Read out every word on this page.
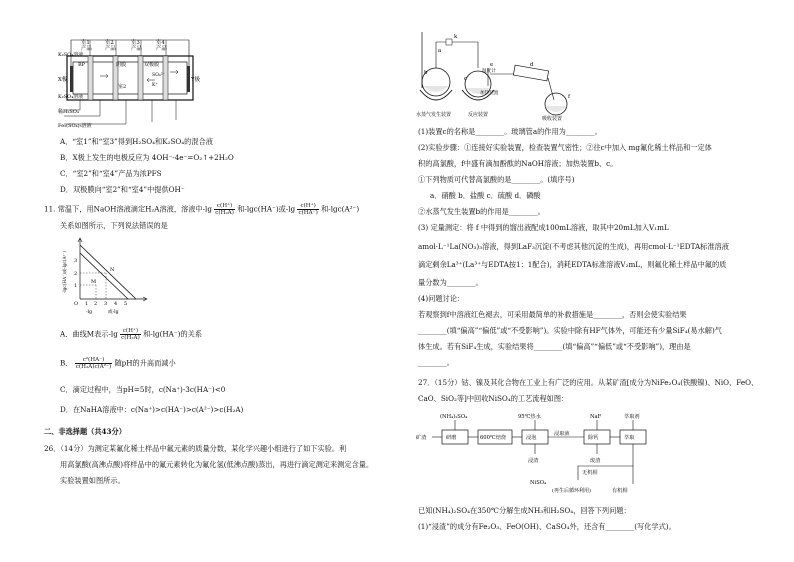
室1	室2	室3	室4
产品 产品	产品	产品
K₂SO₄溶液
BP
X极	Y极
阴膜	双极膜
室2
SO₄²⁻
K⁺
K₂SO₄溶液
稀H₂SO₄
Fe₂(SO₄)₃溶液
A．“室1”和“室3”得到H₂SO₄和K₂SO₄的混合液
B．X极上发生的电极反应为 4OH⁻-4e⁻=O₂↑+2H₂O
C．“室2”和“室4”产品为浓PFS
D．双极膜向“室2”和“室4”中提供OH⁻
11. 常温下，用NaOH溶液滴定H₂A溶液，溶液中$-\lg \frac{c(H^+)}{\text{c(H₂A)}}$ 和-lgc(HA⁻)或$-\lg \frac{c(H^+)}{c(HA^-)}$ 和-lgc(A²⁻)
关系如图所示，下列说法错误的是
-lgc(HA⁻)或-lgc(A²⁻) 3
2
1
O 1 2 3 4 5
M
N
-lg	或-lg
A．曲线M表示$-\lg \frac{c(H^+)}{\text{c(H₂A)}}$ 和-lg(HA⁻)的关系
B． $\frac{\text{c²(HA⁻)}}{\text{c(H₂A)c(A²⁻)}}$ 随pH的升高而减小
C．滴定过程中，当pH=5时，c(Na⁺)-3c(HA⁻)<0
D．在NaHA溶液中：c(Na⁺)>c(HA⁻)>c(A²⁻)>c(H₂A)
二、非选择题（共43分）
26．（14分）为测定某氟化稀土样品中氟元素的质量分数，某化学兴趣小组进行了如下实验。利
用高氯酸(高沸点酸)将样品中的氟元素转化为氟化氢(低沸点酸)蒸出，再进行滴定测定来测定含量。
实验装置如图所示。
k
a
b
c
d
e
f
温度计
加热装置
水蒸气发生装置	反应装置
吸收装置
(1)装置c的名称是________。玻璃管a的作用为________。
(2)实验步骤：①连接好实验装置，检查装置气密性；②往c中加入 mg氟化稀土样品和一定体
积的高氯酸，f中盛有滴加酚酞的NaOH溶液；加热装置b、c。
①下列物质可代替高氯酸的是________。(填序号)
a．硝酸 b．盐酸 c．硫酸 d．磷酸
②水蒸气发生装置b的作用是________。
(3) 定量测定：将 f 中得到的馏出液配成100mL溶液，取其中20mL加入V₁mL
amol·L⁻¹La(NO₃)₃溶液，得到LaF₃沉淀(不考虑其他沉淀的生成)，再用cmol·L⁻¹EDTA标准溶液
滴定剩余La³⁺(La³⁺与EDTA按1：1配合)，消耗EDTA标准溶液V₂mL，则氟化稀土样品中氟的质
量分数为________。
(4)问题讨论：
若观察到f中溶液红色褪去，可采用最简单的补救措施是________，否则会使实验结果
________(填“偏高”“偏低”或“不受影响”)。实验中除有HF气体外，可能还有少量SiF₄(易水解)气
体生成。若有SiF₄生成，实验结果将________(填“偏高”“偏低”或“不受影响”)，理由是
________。
27．（15分）钴、镍及其化合物在工业上有广泛的应用。从某矿渣[成分为NiFe₂O₄(铁酸镍)、NiO、FeO、
CaO、SiO₂等]中回收NiSO₄的工艺流程如图：
(NH₄)₂SO₄	95℃热水	NaF	萃取剂
矿渣	研磨	600℃焙烧	浸泡
浸取液
除钙	萃取
浸渣	废渣
NiSO₄
无机相
有机相
(再生后循环利用)
已知(NH₄)₂SO₄在350℃分解生成NH₃和H₂SO₄，回答下列问题：
(1)“浸渣”的成分有Fe₂O₃、FeO(OH)、CaSO₄外，还含有________(写化学式)。
